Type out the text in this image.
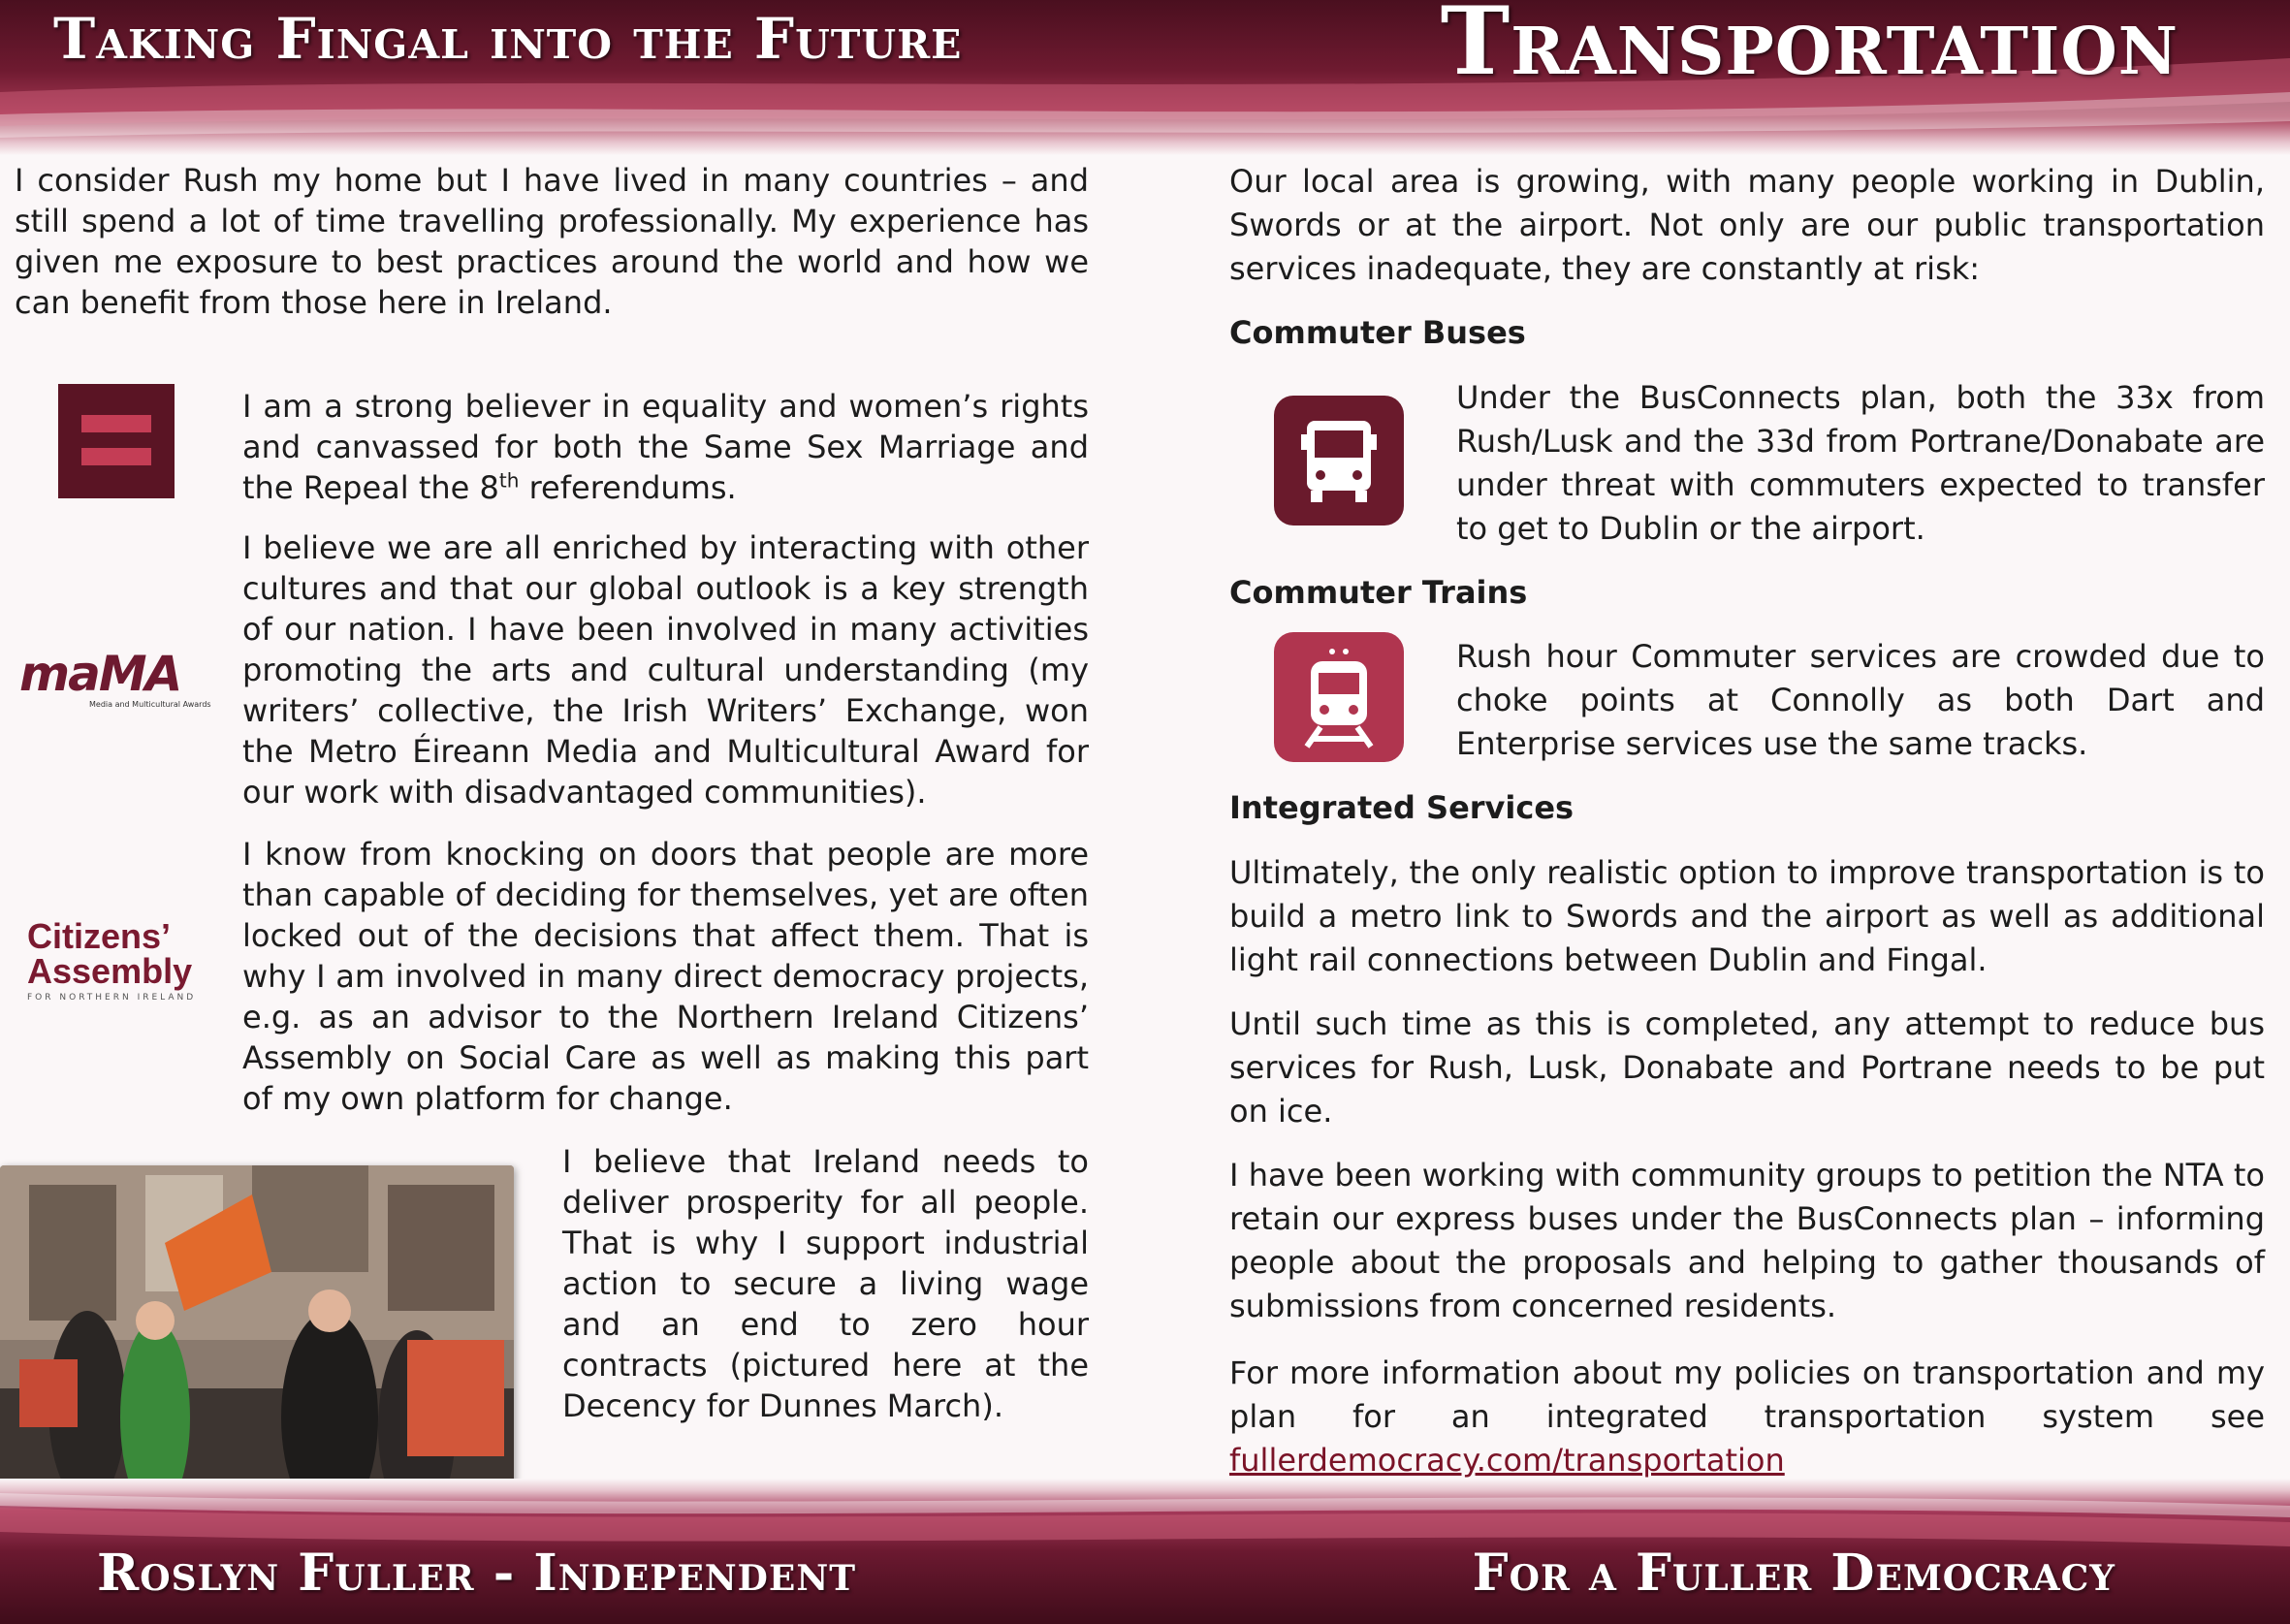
Taking Fingal into the Future	Transportation
I consider Rush my home but I have lived in many countries – and still spend a lot of time travelling professionally. My experience has given me exposure to best practices around the world and how we can benefit from those here in Ireland.
I am a strong believer in equality and women’s rights and canvassed for both the Same Sex Marriage and the Repeal the 8th referendums.
maMA
Media and Multicultural Awards
I believe we are all enriched by interacting with other cultures and that our global outlook is a key strength of our nation. I have been involved in many activities promoting the arts and cultural understanding (my writers’ collective, the Irish Writers’ Exchange, won the Metro Éireann Media and Multicultural Award for our work with disadvantaged communities).
Citizens’
Assembly
FOR NORTHERN IRELAND
I know from knocking on doors that people are more than capable of deciding for themselves, yet are often locked out of the decisions that affect them. That is why I am involved in many direct democracy projects, e.g. as an advisor to the Northern Ireland Citizens’ Assembly on Social Care as well as making this part of my own platform for change.
I believe that Ireland needs to deliver prosperity for all people. That is why I support industrial action to secure a living wage and an end to zero hour contracts (pictured here at the Decency for Dunnes March).
Our local area is growing, with many people working in Dublin, Swords or at the airport. Not only are our public transportation services inadequate, they are constantly at risk:
Commuter Buses
Under the BusConnects plan, both the 33x from Rush/Lusk and the 33d from Portrane/Donabate are under threat with commuters expected to transfer to get to Dublin or the airport.
Commuter Trains
Rush hour Commuter services are crowded due to choke points at Connolly as both Dart and Enterprise services use the same tracks.
Integrated Services
Ultimately, the only realistic option to improve transportation is to build a metro link to Swords and the airport as well as additional light rail connections between Dublin and Fingal.
Until such time as this is completed, any attempt to reduce bus services for Rush, Lusk, Donabate and Portrane needs to be put on ice.
I have been working with community groups to petition the NTA to retain our express buses under the BusConnects plan – informing people about the proposals and helping to gather thousands of submissions from concerned residents.
For more information about my policies on transportation and my plan for an integrated transportation system see
fullerdemocracy.com/transportation
Roslyn Fuller - Independent	For a Fuller Democracy
